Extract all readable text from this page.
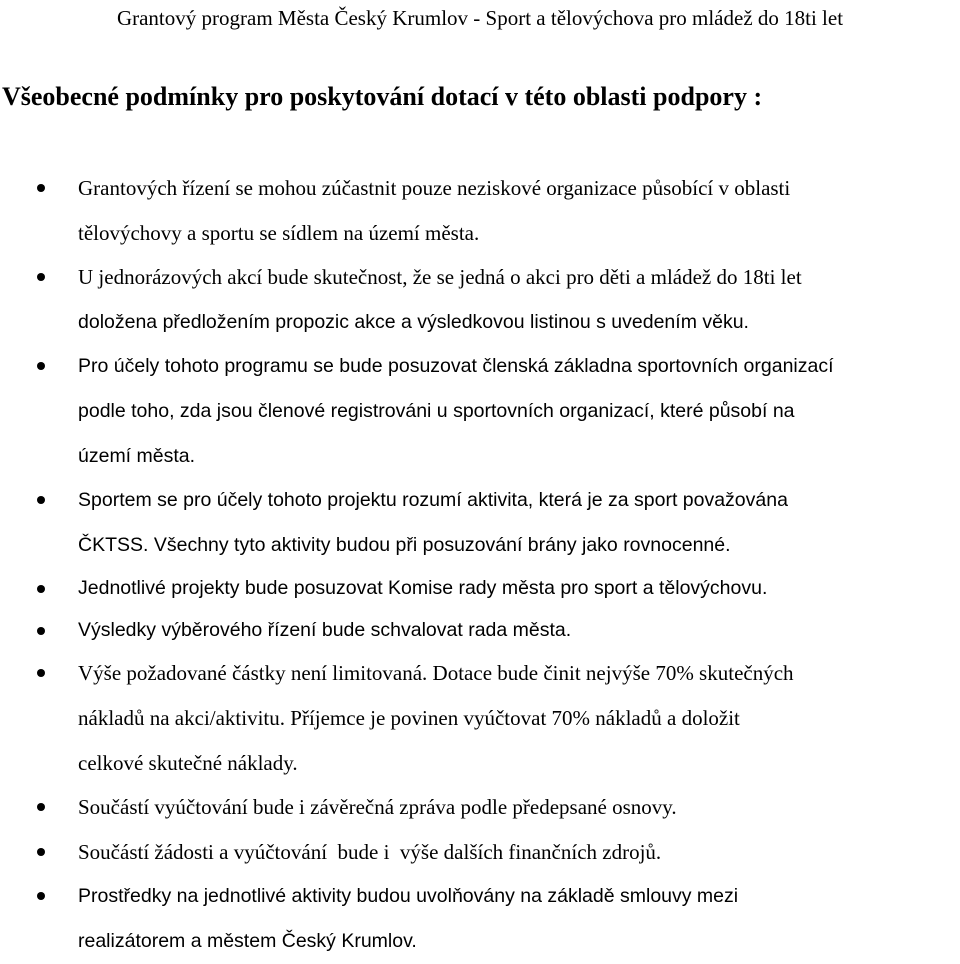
Grantový program Města Český Krumlov - Sport a tělovýchova pro mládež do 18ti let
Všeobecné podmínky pro poskytování dotací v této oblasti podpory :
Grantových řízení se mohou zúčastnit pouze neziskové organizace působící v oblasti
tělovýchovy a sportu se sídlem na území města.
U jednorázových akcí bude skutečnost, že se jedná o akci pro děti a mládež do 18ti let
doložena předložením propozic akce a výsledkovou listinou s uvedením věku.
Pro účely tohoto programu se bude posuzovat členská základna sportovních organizací
podle toho, zda jsou členové registrováni u sportovních organizací, které působí na
území města.
Sportem se pro účely tohoto projektu rozumí aktivita, která je za sport považována
ČKTSS. Všechny tyto aktivity budou při posuzování brány jako rovnocenné.
Jednotlivé projekty bude posuzovat Komise rady města pro sport a tělovýchovu.
Výsledky výběrového řízení bude schvalovat rada města.
Výše požadované částky není limitovaná. Dotace bude činit nejvýše 70% skutečných
nákladů na akci/aktivitu. Příjemce je povinen vyúčtovat 70% nákladů a doložit
celkové skutečné náklady.
Součástí vyúčtování bude i závěrečná zpráva podle předepsané osnovy.
Součástí žádosti a vyúčtování  bude i  výše dalších finančních zdrojů.
Prostředky na jednotlivé aktivity budou uvolňovány na základě smlouvy mezi
realizátorem a městem Český Krumlov.
